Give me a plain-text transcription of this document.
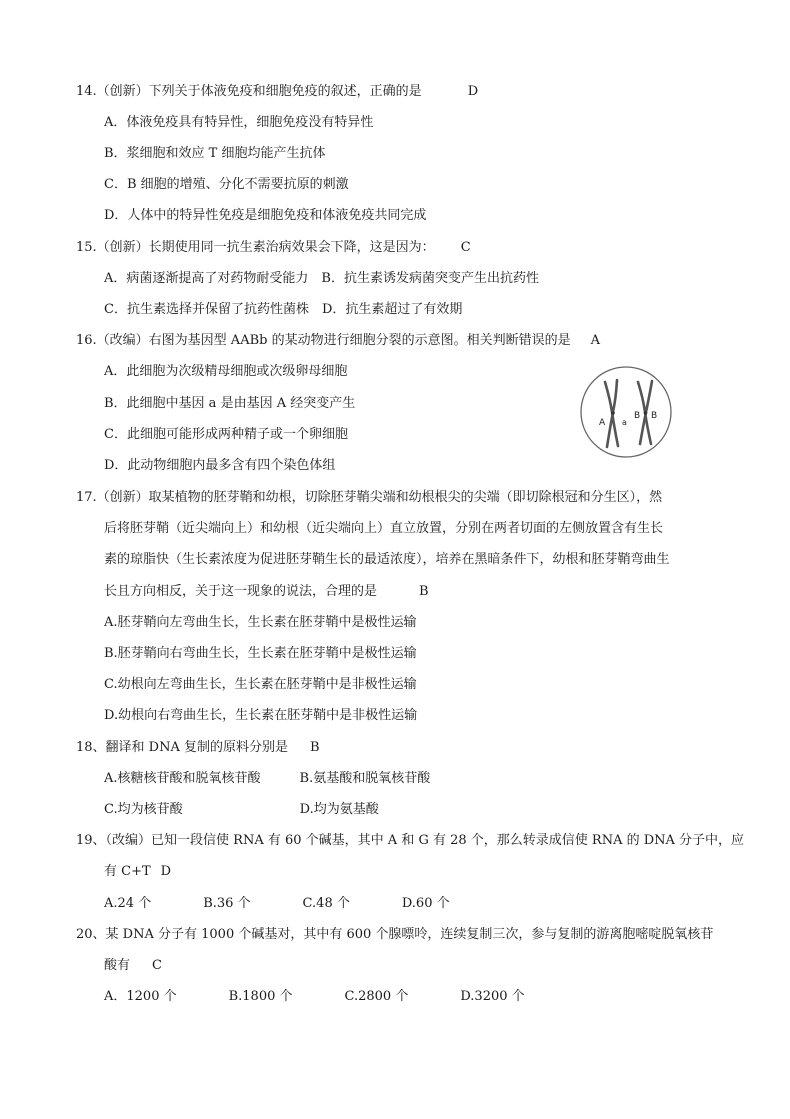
14.（创新）下列关于体液免疫和细胞免疫的叙述，正确的是	D
A．体液免疫具有特异性，细胞免疫没有特异性
B．浆细胞和效应 T 细胞均能产生抗体
C．B 细胞的增殖、分化不需要抗原的刺激
D．人体中的特异性免疫是细胞免疫和体液免疫共同完成
15.（创新）长期使用同一抗生素治病效果会下降，这是因为： C
A．病菌逐渐提高了对药物耐受能力　B．抗生素诱发病菌突变产生出抗药性
C．抗生素选择并保留了抗药性菌株　D．抗生素超过了有效期
16.（改编）右图为基因型 AABb 的某动物进行细胞分裂的示意图。相关判断错误的是 A
A．此细胞为次级精母细胞或次级卵母细胞
B．此细胞中基因 a 是由基因 A 经突变产生
C．此细胞可能形成两种精子或一个卵细胞
D．此动物细胞内最多含有四个染色体组
A a
B B
17.（创新）取某植物的胚芽鞘和幼根，切除胚芽鞘尖端和幼根根尖的尖端（即切除根冠和分生区），然
后将胚芽鞘（近尖端向上）和幼根（近尖端向上）直立放置，分别在两者切面的左侧放置含有生长
素的琼脂快（生长素浓度为促进胚芽鞘生长的最适浓度），培养在黑暗条件下，幼根和胚芽鞘弯曲生
长且方向相反，关于这一现象的说法，合理的是	B
A.胚芽鞘向左弯曲生长，生长素在胚芽鞘中是极性运输
B.胚芽鞘向右弯曲生长，生长素在胚芽鞘中是极性运输
C.幼根向左弯曲生长，生长素在胚芽鞘中是非极性运输
D.幼根向右弯曲生长，生长素在胚芽鞘中是非极性运输
18、翻译和 DNA 复制的原料分别是 B
A.核糖核苷酸和脱氧核苷酸　　　B.氨基酸和脱氧核苷酸
C.均为核苷酸　　　　　　　　　D.均为氨基酸
19、（改编）已知一段信使 RNA 有 60 个碱基，其中 A 和 G 有 28 个，那么转录成信使 RNA 的 DNA 分子中，应
有 C+T D
A.24 个　　　　B.36 个　　　　C.48 个　　　　D.60 个
20、某 DNA 分子有 1000 个碱基对，其中有 600 个腺嘌呤，连续复制三次，参与复制的游离胞嘧啶脱氧核苷
酸有 C
A．1200 个　　　　B.1800 个　　　　C.2800 个　　　　D.3200 个
